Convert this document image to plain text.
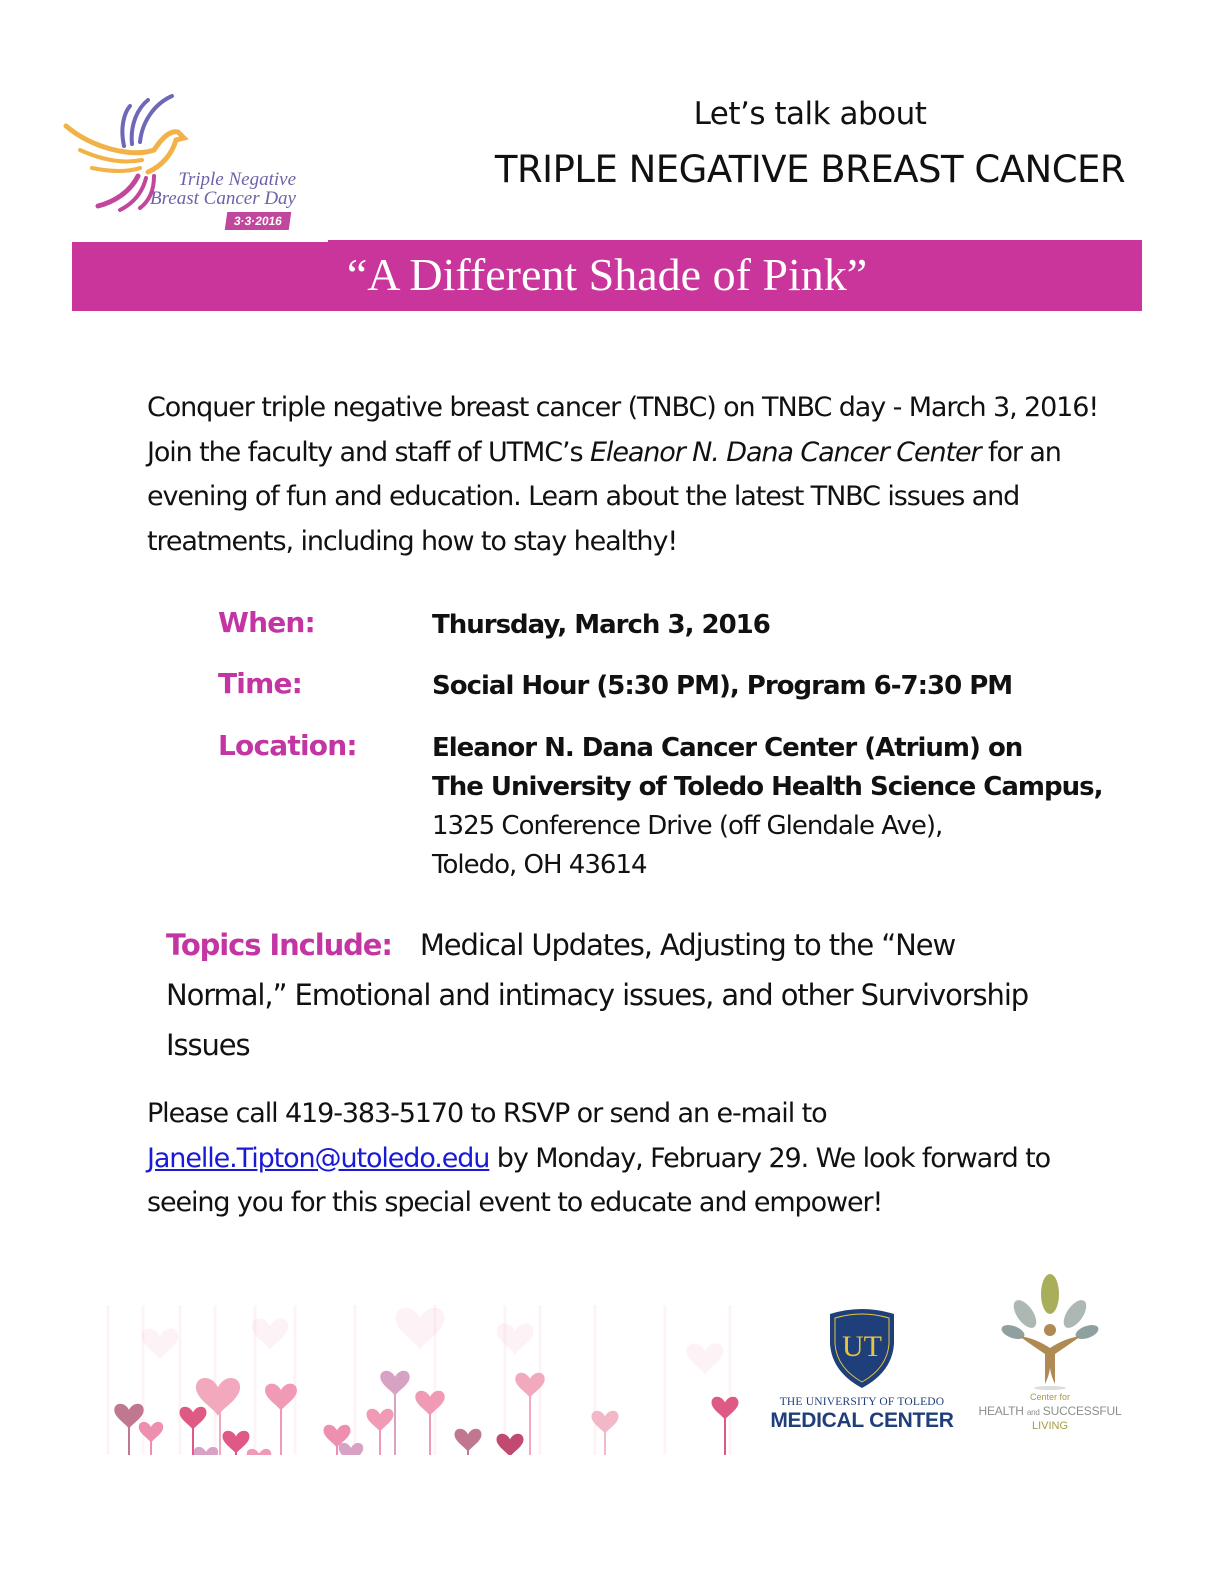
Triple Negative
Breast Cancer Day
3·3·2016
Let’s talk about
TRIPLE NEGATIVE BREAST CANCER
“A Different Shade of Pink”
Conquer triple negative breast cancer (TNBC) on TNBC day - March 3, 2016! Join the faculty and staff of UTMC’s Eleanor N. Dana Cancer Center for an evening of fun and education. Learn about the latest TNBC issues and treatments, including how to stay healthy!
When:	Thursday, March 3, 2016
Time:	Social Hour (5:30 PM), Program 6-7:30 PM
Location:	Eleanor N. Dana Cancer Center (Atrium) on
The University of Toledo Health Science Campus,
1325 Conference Drive (off Glendale Ave),
Toledo, OH 43614
Topics Include: Medical Updates, Adjusting to the “New Normal,” Emotional and intimacy issues, and other Survivorship Issues
Please call 419-383-5170 to RSVP or send an e-mail to Janelle.Tipton@utoledo.edu by Monday, February 29. We look forward to seeing you for this special event to educate and empower!
UT
THE UNIVERSITY OF TOLEDO
MEDICAL CENTER
Center for
HEALTH and SUCCESSFUL
LIVING
